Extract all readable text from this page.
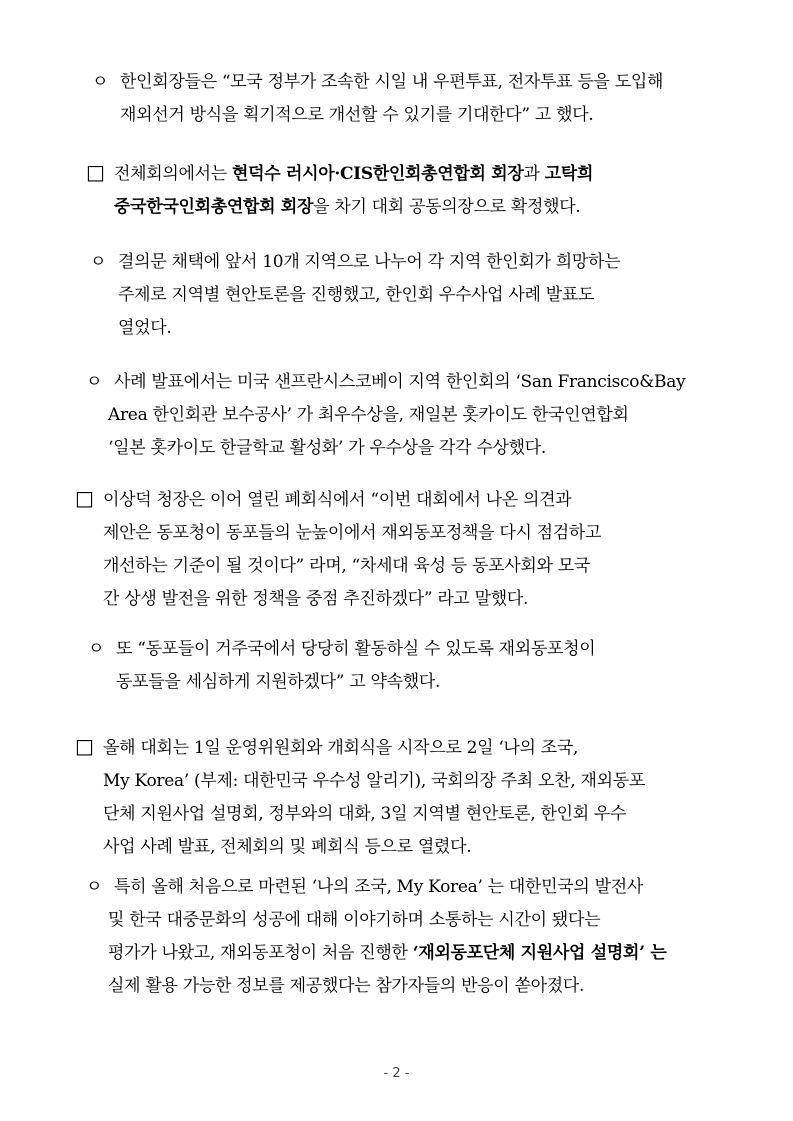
ㅇ 한인회장들은 “모국 정부가 조속한 시일 내 우편투표, 전자투표 등을 도입해
재외선거 방식을 획기적으로 개선할 수 있기를 기대한다” 고 했다.
□ 전체회의에서는 현덕수 러시아·CIS한인회총연합회 회장과 고탁희
중국한국인회총연합회 회장을 차기 대회 공동의장으로 확정했다.
ㅇ 결의문 채택에 앞서 10개 지역으로 나누어 각 지역 한인회가 희망하는
주제로 지역별 현안토론을 진행했고, 한인회 우수사업 사례 발표도
열었다.
ㅇ 사례 발표에서는 미국 샌프란시스코베이 지역 한인회의 ‘San Francisco&Bay
Area 한인회관 보수공사’ 가 최우수상을, 재일본 홋카이도 한국인연합회
‘일본 홋카이도 한글학교 활성화’ 가 우수상을 각각 수상했다.
□ 이상덕 청장은 이어 열린 폐회식에서 “이번 대회에서 나온 의견과
제안은 동포청이 동포들의 눈높이에서 재외동포정책을 다시 점검하고
개선하는 기준이 될 것이다” 라며, “차세대 육성 등 동포사회와 모국
간 상생 발전을 위한 정책을 중점 추진하겠다” 라고 말했다.
ㅇ 또 “동포들이 거주국에서 당당히 활동하실 수 있도록 재외동포청이
동포들을 세심하게 지원하겠다” 고 약속했다.
□ 올해 대회는 1일 운영위원회와 개회식을 시작으로 2일 ‘나의 조국,
My Korea’ (부제: 대한민국 우수성 알리기), 국회의장 주최 오찬, 재외동포
단체 지원사업 설명회, 정부와의 대화, 3일 지역별 현안토론, 한인회 우수
사업 사례 발표, 전체회의 및 폐회식 등으로 열렸다.
ㅇ 특히 올해 처음으로 마련된 ‘나의 조국, My Korea’ 는 대한민국의 발전사
및 한국 대중문화의 성공에 대해 이야기하며 소통하는 시간이 됐다는
평가가 나왔고, 재외동포청이 처음 진행한 ‘재외동포단체 지원사업 설명회’ 는
실제 활용 가능한 정보를 제공했다는 참가자들의 반응이 쏟아졌다.
- 2 -
